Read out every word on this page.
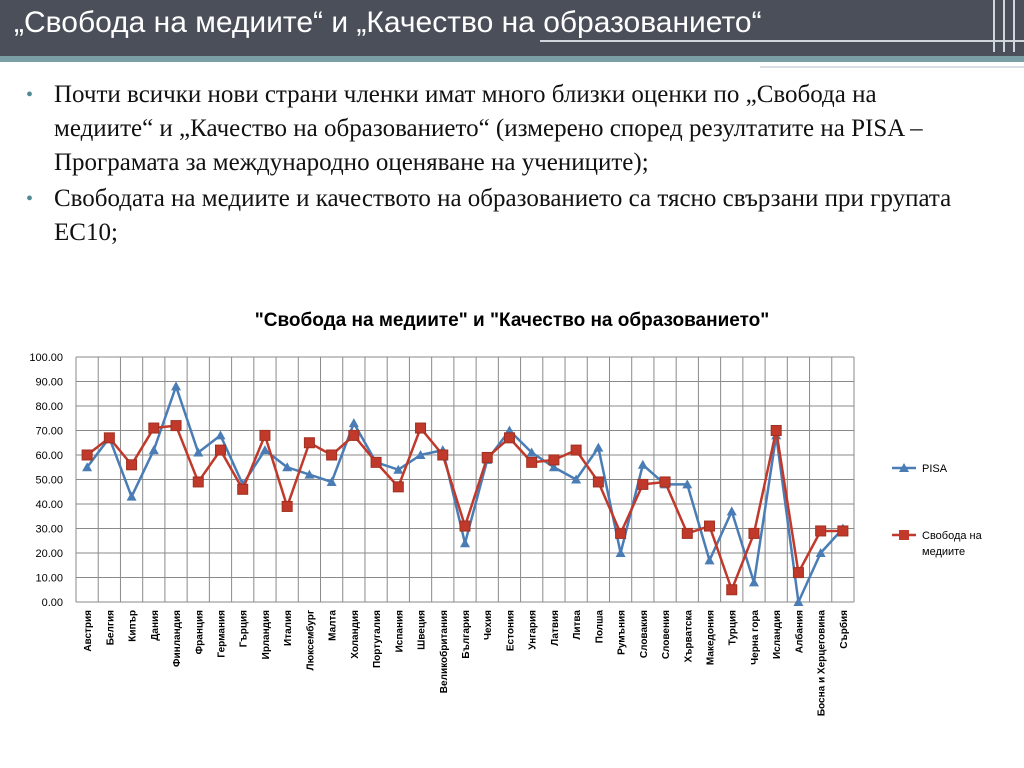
„Свобода на медиите“ и „Качество на образованието“
• Почти всички нови страни членки имат много близки оценки по „Свобода на медиите“ и „Качество на образованието“ (измерено според резултатите на PISA – Програмата за международно оценяване на учениците);
• Свободата на медиите и качеството на образованието са тясно свързани при групата ЕС10;
"Свобода на медиите" и "Качество на образованието"
0.00
10.00
20.00
30.00
40.00
50.00
60.00
70.00
80.00
90.00
100.00
Австрия Белгия Кипър Дания Финландия Франция Германия Гърция Ирландия Италия Люксембург Малта Холандия Португалия Испания Швеция Великобритания България Чехия Естония Унгария Латвия Литва Полша Румъния Словакия Словения Хърватска Македония Турция Черна гора Исландия Албания Босна и Херцеговина Сърбия
PISA
Свобода на
медиите
